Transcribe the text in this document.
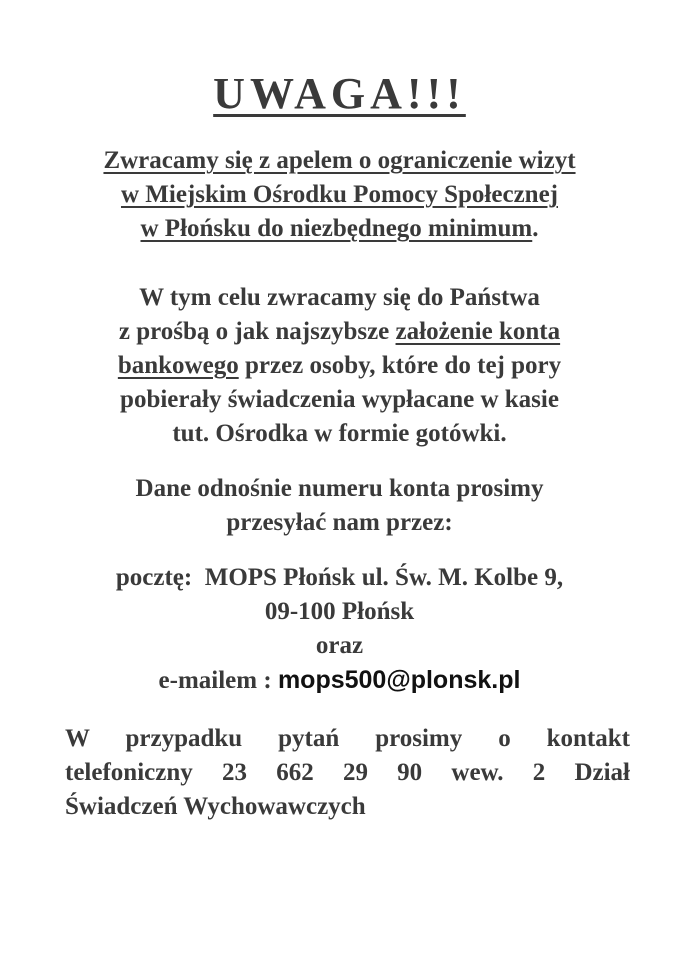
UWAGA!!!
Zwracamy się z apelem o ograniczenie wizyt
w Miejskim Ośrodku Pomocy Społecznej
w Płońsku do niezbędnego minimum.
W tym celu zwracamy się do Państwa
z prośbą o jak najszybsze założenie konta
bankowego przez osoby, które do tej pory
pobierały świadczenia wypłacane w kasie
tut. Ośrodka w formie gotówki.
Dane odnośnie numeru konta prosimy
przesyłać nam przez:
pocztę: MOPS Płońsk ul. Św. M. Kolbe 9,
09-100 Płońsk
oraz
e-mailem : mops500@plonsk.pl
W przypadku pytań prosimy o kontakt
telefoniczny 23 662 29 90 wew. 2 Dział
Świadczeń Wychowawczych
